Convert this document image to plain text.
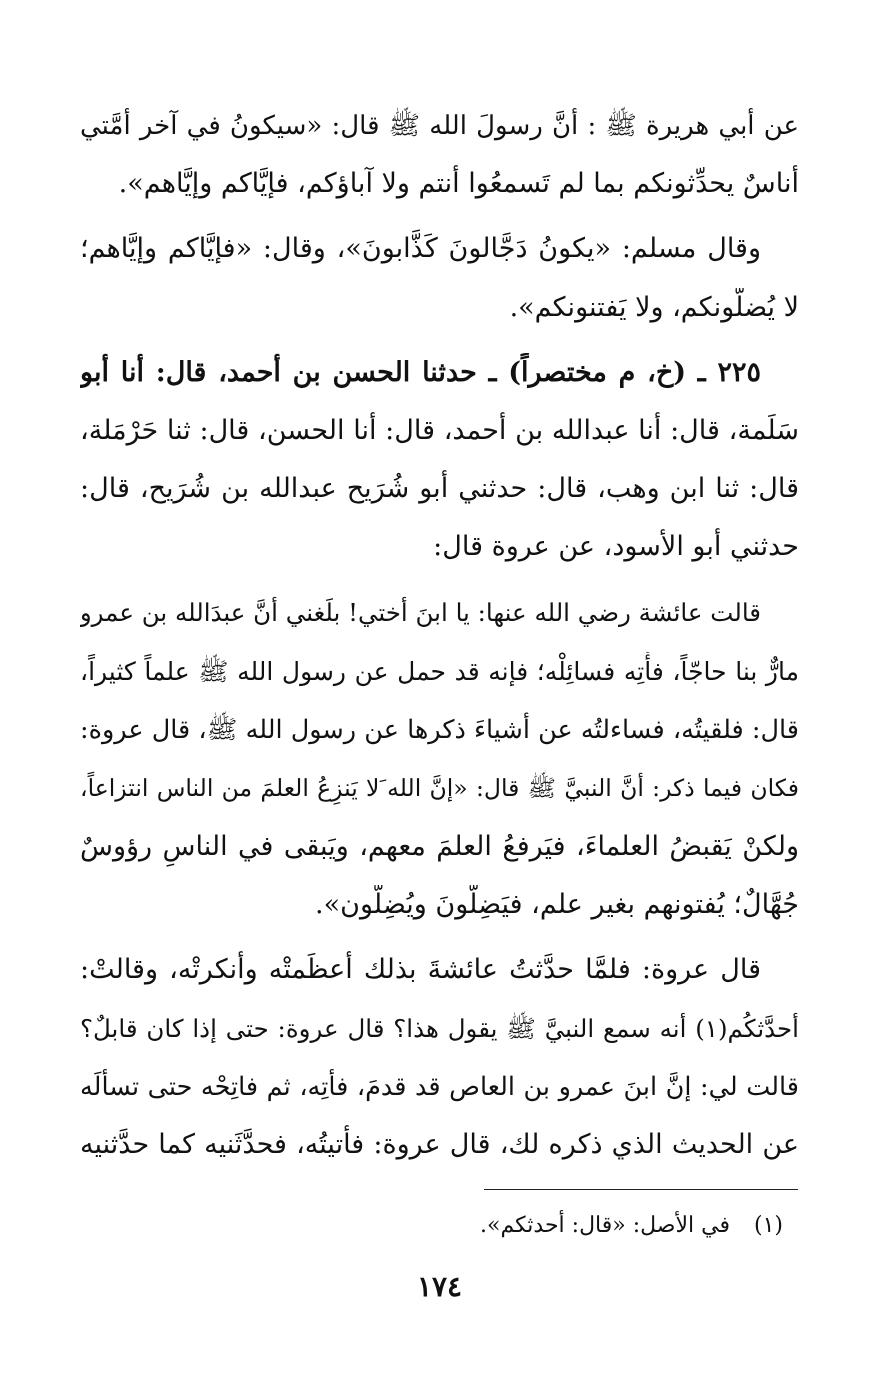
عن أبي هريرة ﷺ : أنَّ رسولَ الله ﷺ قال: «سيكونُ في آخر أمَّتي
أناسٌ يحدِّثونكم بما لم تَسمعُوا أنتم ولا آباؤكم، فإيَّاكم وإيَّاهم».
وقال مسلم: «يكونُ دَجَّالونَ كَذَّابونَ»، وقال: «فإيَّاكم وإيَّاهم؛
لا يُضلُّونكم، ولا يَفتنونكم».
٢٢٥ ـ (خ، م مختصراً) ـ حدثنا الحسن بن أحمد، قال: أنا أبو
سَلَمة، قال: أنا عبدالله بن أحمد، قال: أنا الحسن، قال: ثنا حَرْمَلة،
قال: ثنا ابن وهب، قال: حدثني أبو شُرَيح عبدالله بن شُرَيح، قال:
حدثني أبو الأسود، عن عروة قال:
قالت عائشة رضي الله عنها: يا ابنَ أختي! بلَغني أنَّ عبدَالله بن عمرو
مارٌّ بنا حاجّاً، فأْتِه فسائِلْه؛ فإنه قد حمل عن رسول الله ﷺ علماً كثيراً،
قال: فلقيتُه، فساءلتُه عن أشياءَ ذكرها عن رسول الله ﷺ، قال عروة:
فكان فيما ذكر: أنَّ النبيَّ ﷺ قال: «إنَّ الله َلا يَنزِعُ العلمَ من الناس انتزاعاً،
ولكنْ يَقبضُ العلماءَ، فيَرفعُ العلمَ معهم، ويَبقى في الناسِ رؤوسٌ
جُهَّالٌ؛ يُفتونهم بغير علم، فيَضِلُّونَ ويُضِلُّون».
قال عروة: فلمَّا حدَّثتُ عائشةَ بذلك أَعظَمتْه وأنكرتْه، وقالتْ:
أحدَّثكُم(١) أنه سمع النبيَّ ﷺ يقول هذا؟ قال عروة: حتى إذا كان قابلٌ؟
قالت لي: إنَّ ابنَ عمرو بن العاص قد قدمَ، فأْتِه، ثم فاتِحْه حتى تسألَه
عن الحديث الذي ذكره لك، قال عروة: فأتيتُه، فحدَّثَنيه كما حدَّثنيه
(١)في الأصل: «قال: أحدثكم».
١٧٤
